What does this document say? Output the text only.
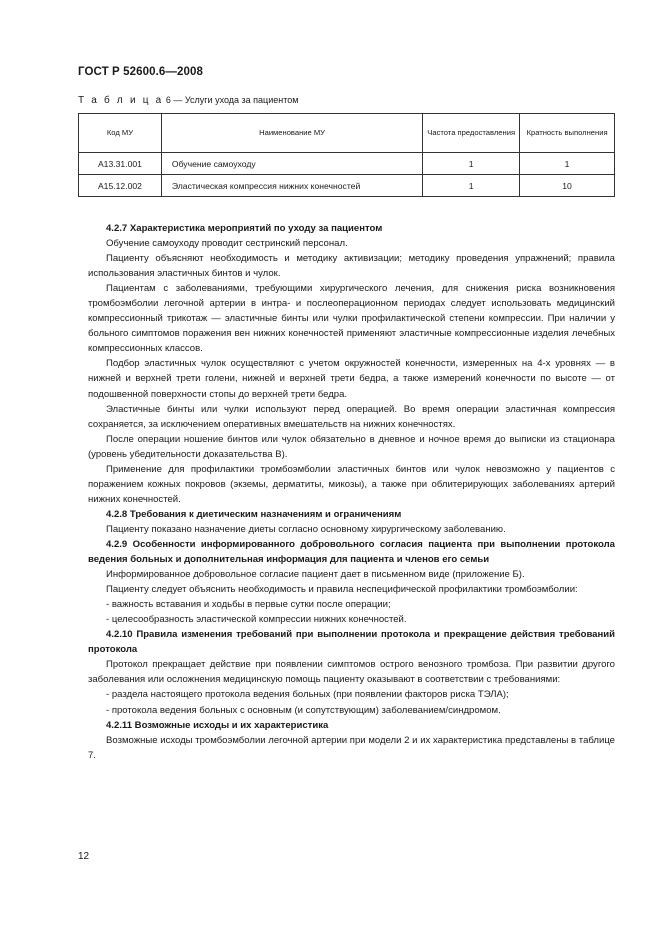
ГОСТ Р 52600.6—2008
Т а б л и ц а 6 — Услуги ухода за пациентом
Код МУ	Наименование МУ	Частота предоставления	Кратность выполнения
A13.31.001	Обучение самоуходу	1	1
A15.12.002	Эластическая компрессия нижних конечностей	1	10

4.2.7 Характеристика мероприятий по уходу за пациентом

Обучение самоуходу проводит сестринский персонал.

Пациенту объясняют необходимость и методику активизации; методику проведения упражнений; правила использования эластичных бинтов и чулок.

Пациентам с заболеваниями, требующими хирургического лечения, для снижения риска возникновения тромбоэмболии легочной артерии в интра- и послеоперационном периодах следует использовать медицинский компрессионный трикотаж — эластичные бинты или чулки профилактической степени компрессии. При наличии у больного симптомов поражения вен нижних конечностей применяют эластичные компрессионные изделия лечебных компрессионных классов.

Подбор эластичных чулок осуществляют с учетом окружностей конечности, измеренных на 4-х уровнях — в нижней и верхней трети голени, нижней и верхней трети бедра, а также измерений конечности по высоте — от подошвенной поверхности стопы до верхней трети бедра.

Эластичные бинты или чулки используют перед операцией. Во время операции эластичная компрессия сохраняется, за исключением оперативных вмешательств на нижних конечностях.

После операции ношение бинтов или чулок обязательно в дневное и ночное время до выписки из стационара (уровень убедительности доказательства В).

Применение для профилактики тромбоэмболии эластичных бинтов или чулок невозможно у пациентов с поражением кожных покровов (экземы, дерматиты, микозы), а также при облитерирующих заболеваниях артерий нижних конечностей.

4.2.8 Требования к диетическим назначениям и ограничениям

Пациенту показано назначение диеты согласно основному хирургическому заболеванию.

4.2.9 Особенности информированного добровольного согласия пациента при выполнении протокола ведения больных и дополнительная информация для пациента и членов его семьи

Информированное добровольное согласие пациент дает в письменном виде (приложение Б).

Пациенту следует объяснить необходимость и правила неспецифической профилактики тромбоэмболии:

- важность вставания и ходьбы в первые сутки после операции;

- целесообразность эластической компрессии нижних конечностей.

4.2.10 Правила изменения требований при выполнении протокола и прекращение действия требований протокола

Протокол прекращает действие при появлении симптомов острого венозного тромбоза. При развитии другого заболевания или осложнения медицинскую помощь пациенту оказывают в соответствии с требованиями:

- раздела настоящего протокола ведения больных (при появлении факторов риска ТЭЛА);

- протокола ведения больных с основным (и сопутствующим) заболеванием/синдромом.

4.2.11 Возможные исходы и их характеристика

Возможные исходы тромбоэмболии легочной артерии при модели 2 и их характеристика представлены в таблице 7.

12
